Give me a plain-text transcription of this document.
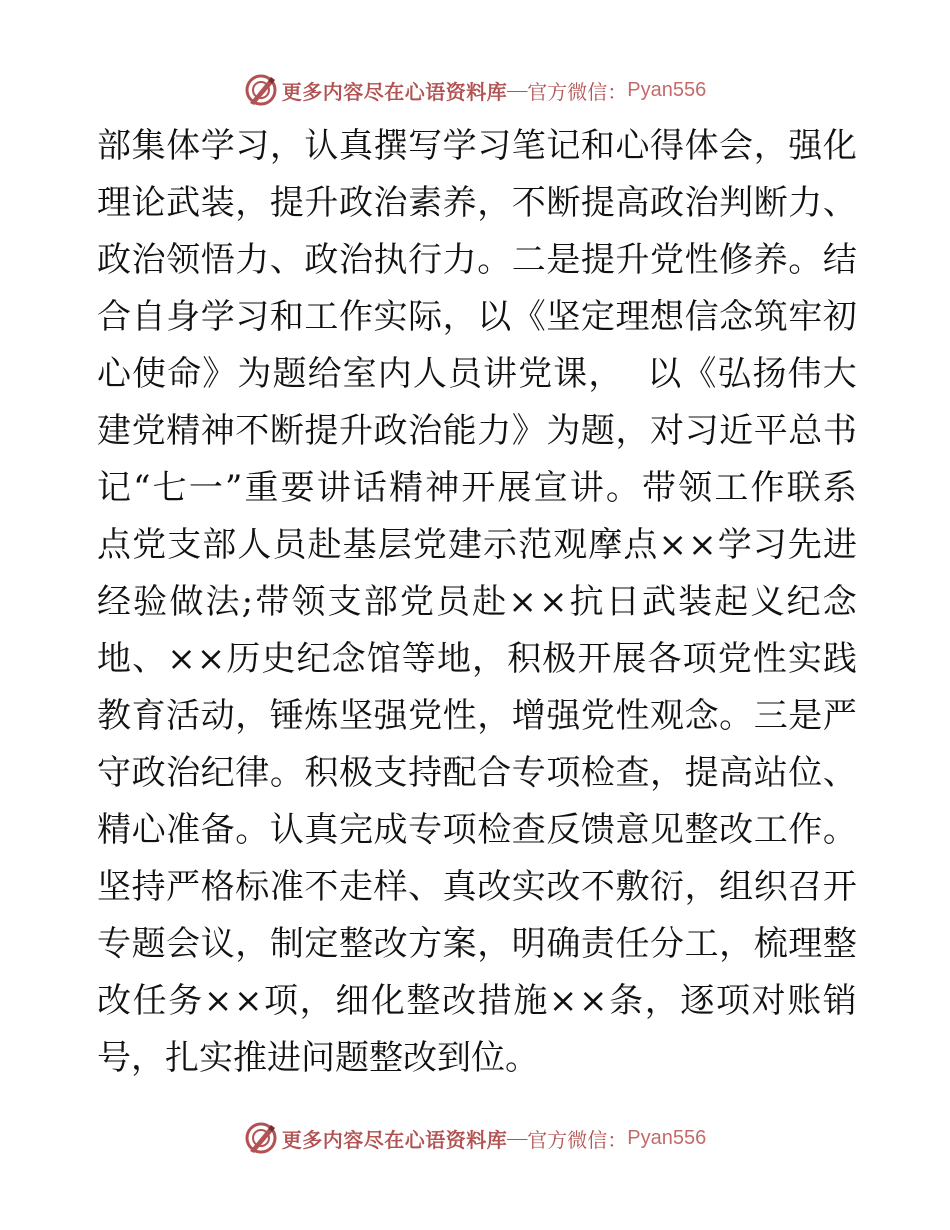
更多内容尽在心语资料库 — 官方微信： Pyan556
部 集 体 学 习 ， 认 真 撰 写 学 习 笔 记 和 心 得 体 会 ， 强 化
理 论 武 装 ， 提 升 政 治 素 养 ， 不 断 提 高 政 治 判 断 力 、
政 治 领 悟 力 、 政 治 执 行 力 。 二 是 提 升 党 性 修 养 。 结
合 自 身 学 习 和 工 作 实 际 ， 以 《 坚 定 理 想 信 念 筑 牢 初
心 使 命 》 为 题 给 室 内 人 员 讲 党 课 ，

以 《 弘 扬 伟 大
建 党 精 神 不 断 提 升 政 治 能 力 》 为 题 ， 对 习 近 平 总 书
记 “ 七 一 ” 重 要 讲 话 精 神 开 展 宣 讲 。 带 领 工 作 联 系
点 党 支 部 人 员 赴 基 层 党 建 示 范 观 摩 点 × × 学 习 先 进
经 验 做 法 ; 带 领 支 部 党 员 赴 × × 抗 日 武 装 起 义 纪 念
地 、 × × 历 史 纪 念 馆 等 地 ， 积 极 开 展 各 项 党 性 实 践
教 育 活 动 ， 锤 炼 坚 强 党 性 ， 增 强 党 性 观 念 。 三 是 严
守 政 治 纪 律 。 积 极 支 持 配 合 专 项 检 查 ， 提 高 站 位 、
精 心 准 备 。 认 真 完 成 专 项 检 查 反 馈 意 见 整 改 工 作 。
坚 持 严 格 标 准 不 走 样 、 真 改 实 改 不 敷 衍 ， 组 织 召 开
专 题 会 议 ， 制 定 整 改 方 案 ， 明 确 责 任 分 工 ， 梳 理 整
改 任 务 × × 项 ， 细 化 整 改 措 施 × × 条 ， 逐 项 对 账 销
号，扎实推进问题整改到位。
更多内容尽在心语资料库 — 官方微信： Pyan556
